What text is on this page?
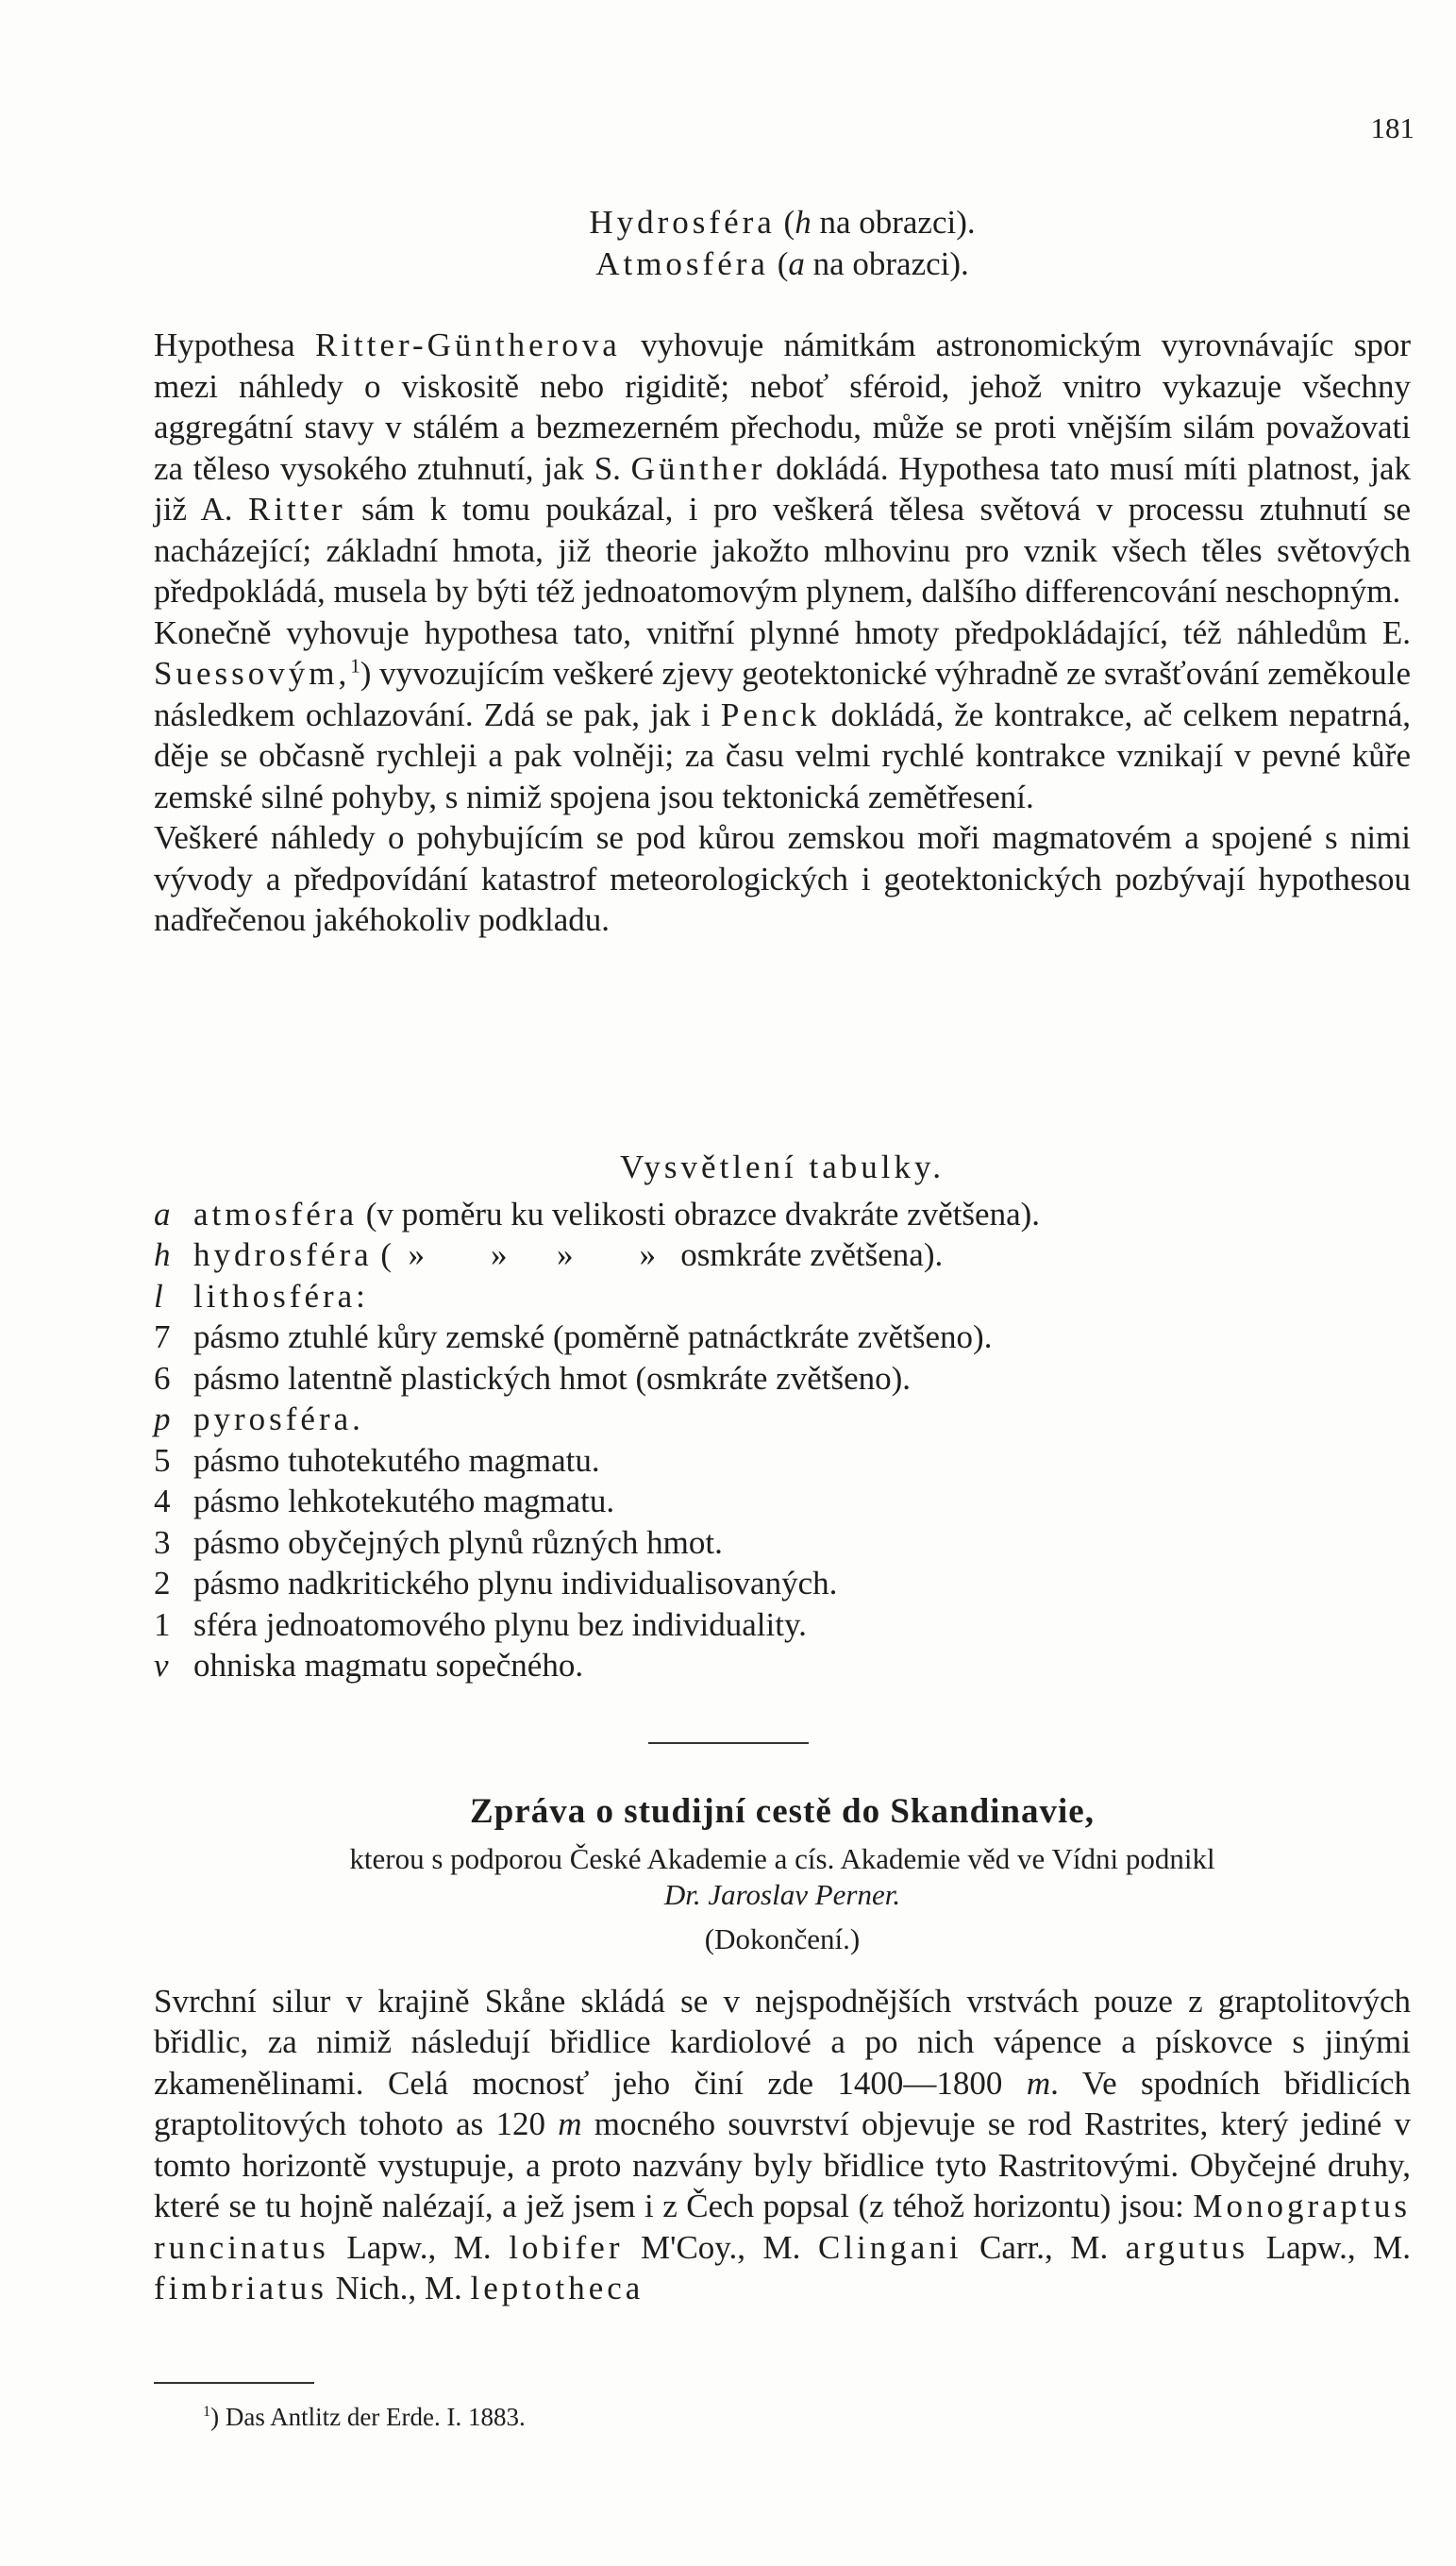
181
Hydrosféra (h na obrazci).
Atmosféra (a na obrazci).

Hypothesa Ritter-Güntherova vyhovuje námitkám astronomickým vyrovnávajíc spor mezi náhledy o viskositě nebo rigiditě; neboť sféroid, jehož vnitro vykazuje všechny aggregátní stavy v stálém a bezmezerném přechodu, může se proti vnějším silám považovati za těleso vysokého ztuhnutí, jak S. Günther dokládá. Hypothesa tato musí míti platnost, jak již A. Ritter sám k tomu poukázal, i pro veškerá tělesa světová v processu ztuhnutí se nacházející; základní hmota, již theorie jakožto mlhovinu pro vznik všech těles světových předpokládá, musela by býti též jednoatomovým plynem, dalšího differencování neschopným.

Konečně vyhovuje hypothesa tato, vnitřní plynné hmoty předpokládající, též náhledům E. Suessovým,$^1$) vyvozujícím veškeré zjevy geotektonické výhradně ze svrašťování zeměkoule následkem ochlazování. Zdá se pak, jak i Penck dokládá, že kontrakce, ač celkem nepatrná, děje se občasně rychleji a pak volněji; za času velmi rychlé kontrakce vznikají v pevné kůře zemské silné pohyby, s nimiž spojena jsou tektonická zemětřesení.

Veškeré náhledy o pohybujícím se pod kůrou zemskou moři magmatovém a spojené s nimi vývody a předpovídání katastrof meteorologických i geotektonických pozbývají hypothesou nadřečenou jakéhokoliv podkladu.

Vysvětlení tabulky.
a atmosféra (v poměru ku velikosti obrazce dvakráte zvětšena).
h hydrosféra (  »        »      »        »   osmkráte zvětšena).
l lithosféra:
7 pásmo ztuhlé kůry zemské (poměrně patnáctkráte zvětšeno).
6 pásmo latentně plastických hmot (osmkráte zvětšeno).
p pyrosféra.
5 pásmo tuhotekutého magmatu.
4 pásmo lehkotekutého magmatu.
3 pásmo obyčejných plynů různých hmot.
2 pásmo nadkritického plynu individualisovaných.
1 sféra jednoatomového plynu bez individuality.
v ohniska magmatu sopečného.
Zpráva o studijní cestě do Skandinavie,
kterou s podporou České Akademie a cís. Akademie věd ve Vídni podnikl
Dr. Jaroslav Perner.
(Dokončení.)

Svrchní silur v krajině Skåne skládá se v nejspodnějších vrstvách pouze z graptolitových břidlic, za nimiž následují břidlice kardiolové a po nich vápence a pískovce s jinými zkamenělinami. Celá mocnosť jeho činí zde 1400—1800 m. Ve spodních břidlicích graptolitových tohoto as 120 m mocného souvrství objevuje se rod Rastrites, který jediné v tomto horizontě vystupuje, a proto nazvány byly břidlice tyto Rastritovými. Obyčejné druhy, které se tu hojně nalézají, a jež jsem i z Čech popsal (z téhož horizontu) jsou: Monograptus runcinatus Lapw., M. lobifer M'Coy., M. Clingani Carr., M. argutus Lapw., M. fimbriatus Nich., M. leptotheca

$^1$) Das Antlitz der Erde. I. 1883.
